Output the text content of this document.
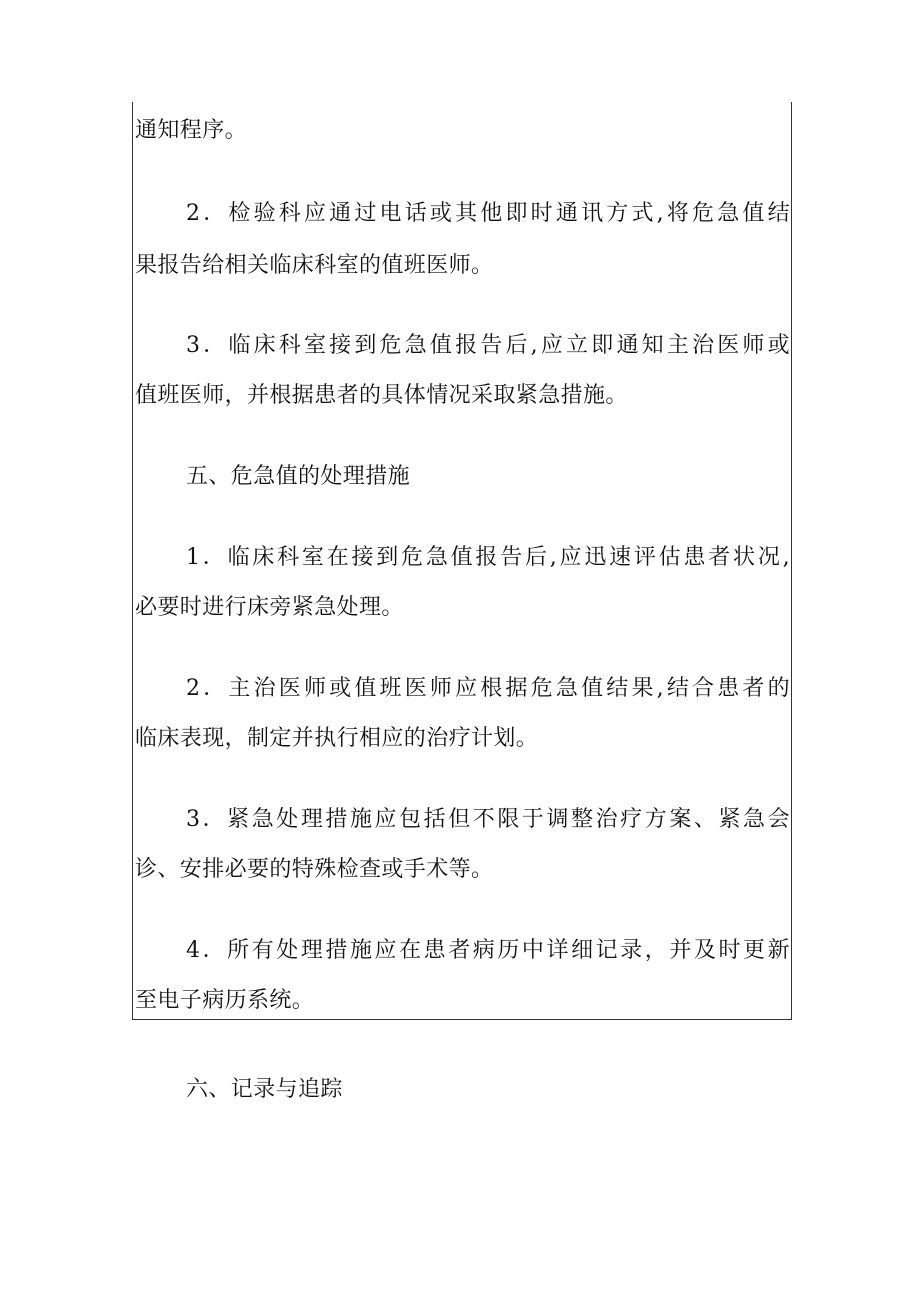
通知程序。
2．检验科应通过电话或其他即时通讯方式,将危急值结
果报告给相关临床科室的值班医师。
3．临床科室接到危急值报告后,应立即通知主治医师或
值班医师，并根据患者的具体情况采取紧急措施。
五、危急值的处理措施
1．临床科室在接到危急值报告后,应迅速评估患者状况,
必要时进行床旁紧急处理。
2．主治医师或值班医师应根据危急值结果,结合患者的
临床表现，制定并执行相应的治疗计划。
3．紧急处理措施应包括但不限于调整治疗方案、紧急会
诊、安排必要的特殊检查或手术等。
4．所有处理措施应在患者病历中详细记录，并及时更新
至电子病历系统。
六、记录与追踪
